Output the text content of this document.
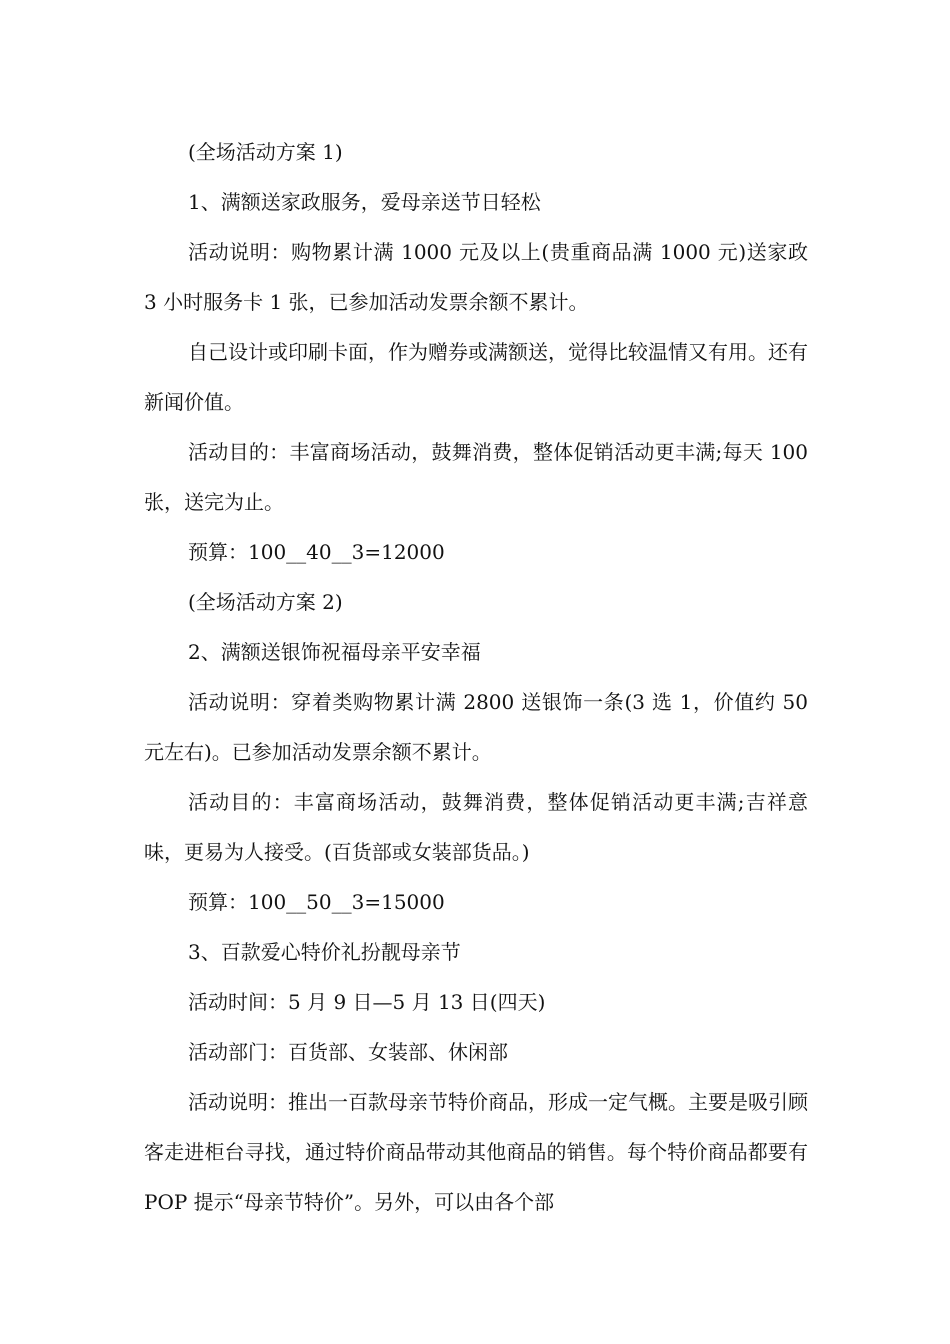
(全场活动方案 1)

1、满额送家政服务，爱母亲送节日轻松

活动说明：购物累计满 1000 元及以上(贵重商品满 1000 元)送家政 3 小时服务卡 1 张，已参加活动发票余额不累计。

自己设计或印刷卡面，作为赠券或满额送，觉得比较温情又有用。还有新闻价值。

活动目的：丰富商场活动，鼓舞消费，整体促销活动更丰满;每天 100 张，送完为止。

预算：100__40__3=12000

(全场活动方案 2)

2、满额送银饰祝福母亲平安幸福

活动说明：穿着类购物累计满 2800 送银饰一条(3 选 1，价值约 50 元左右)。已参加活动发票余额不累计。

活动目的：丰富商场活动，鼓舞消费，整体促销活动更丰满;吉祥意味，更易为人接受。(百货部或女装部货品。)

预算：100__50__3=15000

3、百款爱心特价礼扮靓母亲节

活动时间：5 月 9 日—5 月 13 日(四天)

活动部门：百货部、女装部、休闲部

活动说明：推出一百款母亲节特价商品，形成一定气概。主要是吸引顾客走进柜台寻找，通过特价商品带动其他商品的销售。每个特价商品都要有 POP 提示“母亲节特价”。另外，可以由各个部
